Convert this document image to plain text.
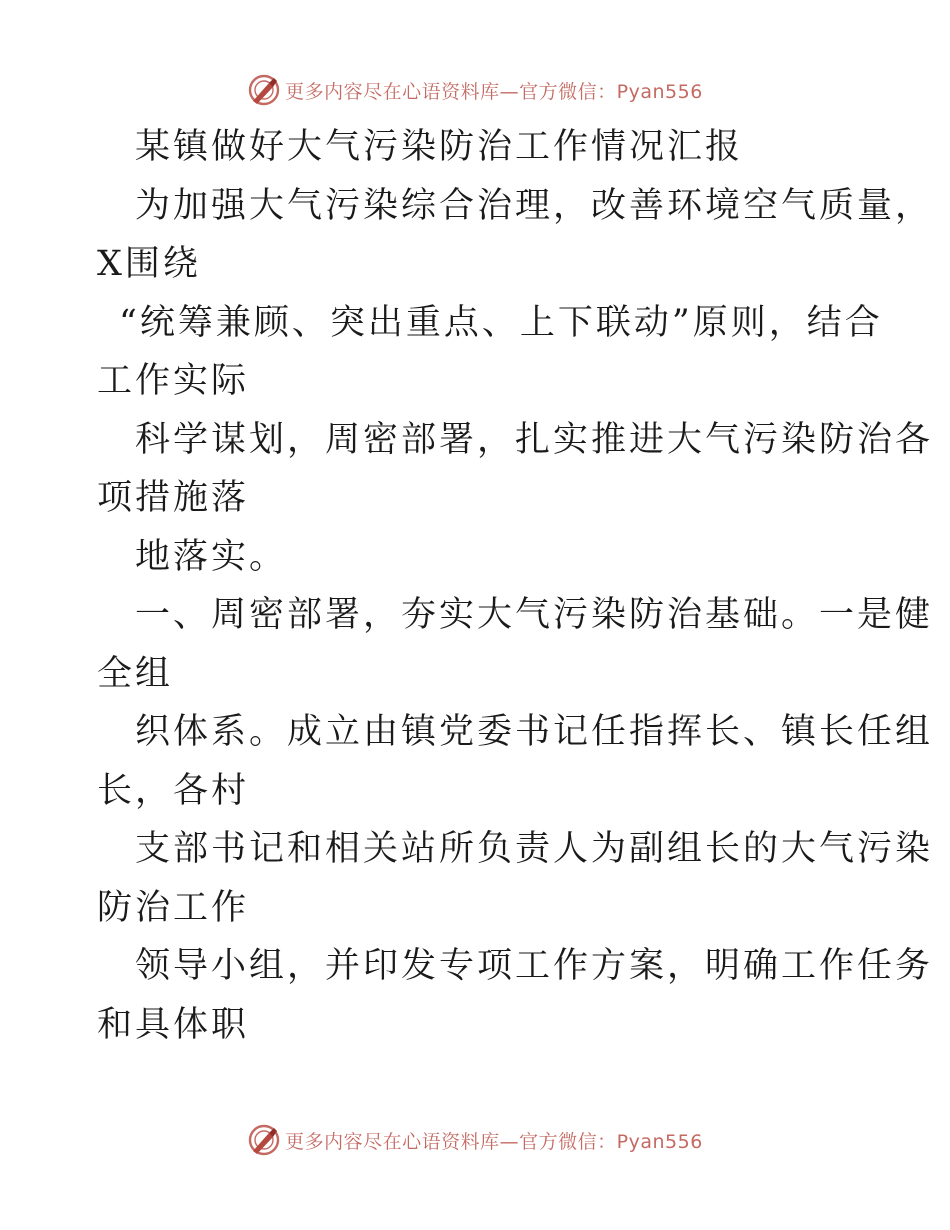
更多内容尽在心语资料库—官方微信：Pyan556
某镇做好大气污染防治工作情况汇报
为加强大气污染综合治理，改善环境空气质量，
X围绕
“统筹兼顾、突出重点、上下联动”原则，结合
工作实际
科学谋划，周密部署，扎实推进大气污染防治各
项措施落
地落实。
一、周密部署，夯实大气污染防治基础。一是健
全组
织体系。成立由镇党委书记任指挥长、镇长任组
长，各村
支部书记和相关站所负责人为副组长的大气污染
防治工作
领导小组，并印发专项工作方案，明确工作任务
和具体职
更多内容尽在心语资料库—官方微信：Pyan556
